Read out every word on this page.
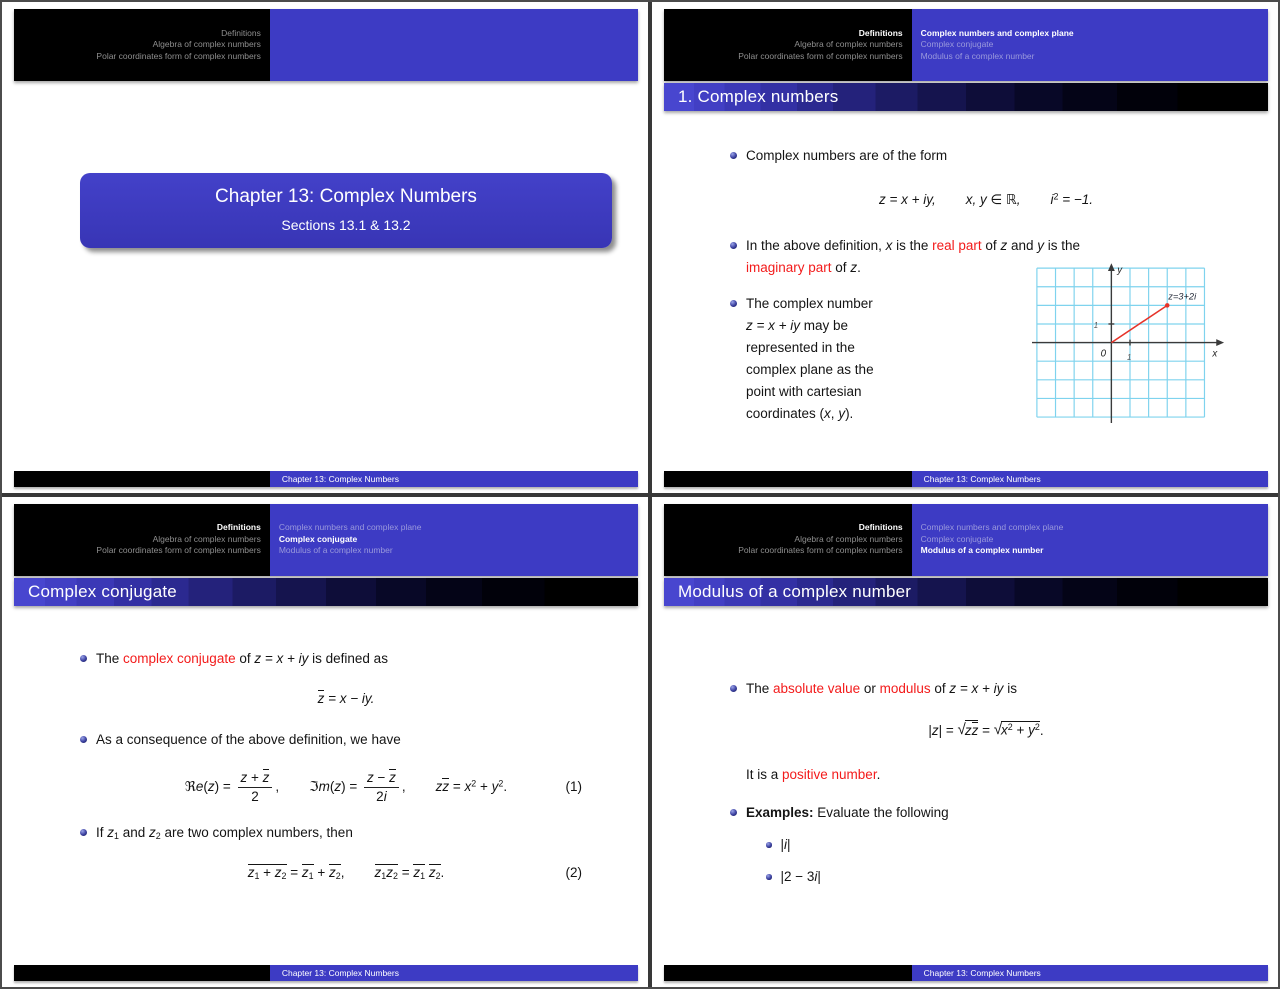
Definitions
Algebra of complex numbers
Polar coordinates form of complex numbers
Chapter 13: Complex Numbers
Sections 13.1 & 13.2
Chapter 13: Complex Numbers
Definitions
Algebra of complex numbers
Polar coordinates form of complex numbers
Complex numbers and complex plane
Complex conjugate
Modulus of a complex number
1. Complex numbers
Complex numbers are of the form
z = x + iy, x, y ∈ ℝ, $i^2 = -1$.
In the above definition, x is the real part of z and y is the
imaginary part of z.
The complex number
z = x + iy may be
represented in the
complex plane as the
point with cartesian
coordinates (x, y).
y
x
0	1
1
z=3+2i
Chapter 13: Complex Numbers
Definitions
Algebra of complex numbers
Polar coordinates form of complex numbers
Complex numbers and complex plane
Complex conjugate
Modulus of a complex number
Complex conjugate
The complex conjugate of z = x + iy is defined as
z = x − iy.
As a consequence of the above definition, we have
ℜe(z) = $\frac{z + z}{2}$ , ℑm(z) = $\frac{z - z}{2i}$ , zz = $x^2 + y^2$.	(1)
If $z_1$ and $z_2$ are two complex numbers, then
$z_1 + z_2 = z_1 + z_2$, $z_1z_2 = z_1$ $z_2$.	(2)
Chapter 13: Complex Numbers
Definitions
Algebra of complex numbers
Polar coordinates form of complex numbers
Complex numbers and complex plane
Complex conjugate
Modulus of a complex number
Modulus of a complex number
The absolute value or modulus of z = x + iy is
$|z| = √zz = √x^2 + y^2$.
It is a positive number.
Examples: Evaluate the following
|i|
|2 − 3i|
Chapter 13: Complex Numbers
